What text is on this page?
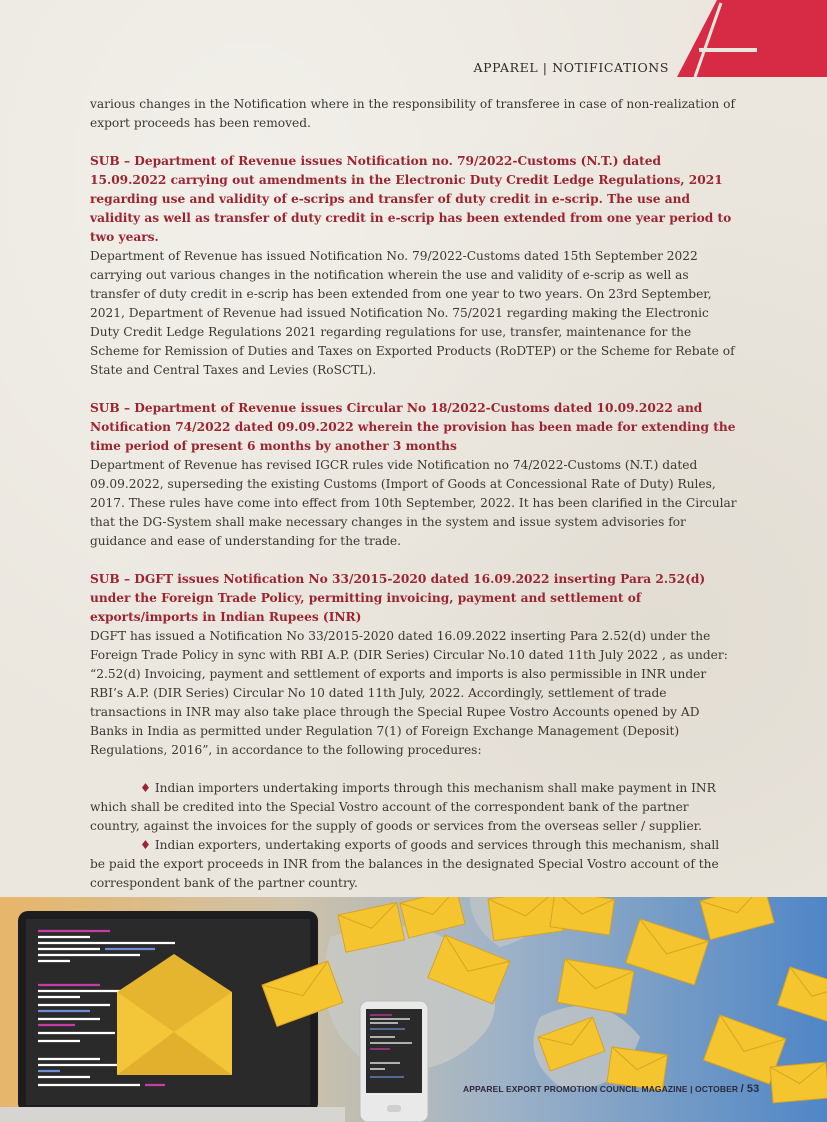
APPAREL | NOTIFICATIONS

various changes in the Notification where in the responsibility of transferee in case of non-realization of export proceeds has been removed.

SUB – Department of Revenue issues Notification no. 79/2022-Customs (N.T.) dated 15.09.2022 carrying out amendments in the Electronic Duty Credit Ledge Regulations, 2021 regarding use and validity of e-scrips and transfer of duty credit in e-scrip. The use and validity as well as transfer of duty credit in e-scrip has been extended from one year period to two years.

Department of Revenue has issued Notification No. 79/2022-Customs dated 15th September 2022 carrying out various changes in the notification wherein the use and validity of e-scrip as well as transfer of duty credit in e-scrip has been extended from one year to two years. On 23rd September, 2021, Department of Revenue had issued Notification No. 75/2021 regarding making the Electronic Duty Credit Ledge Regulations 2021 regarding regulations for use, transfer, maintenance for the Scheme for Remission of Duties and Taxes on Exported Products (RoDTEP) or the Scheme for Rebate of State and Central Taxes and Levies (RoSCTL).

SUB – Department of Revenue issues Circular No 18/2022-Customs dated 10.09.2022 and Notification 74/2022 dated 09.09.2022 wherein the provision has been made for extending the time period of present 6 months by another 3 months

Department of Revenue has revised IGCR rules vide Notification no 74/2022-Customs (N.T.) dated 09.09.2022, superseding the existing Customs (Import of Goods at Concessional Rate of Duty) Rules, 2017. These rules have come into effect from 10th September, 2022. It has been clarified in the Circular that the DG-System shall make necessary changes in the system and issue system advisories for guidance and ease of understanding for the trade.

SUB – DGFT issues Notification No 33/2015-2020 dated 16.09.2022 inserting Para 2.52(d) under the Foreign Trade Policy, permitting invoicing, payment and settlement of exports/imports in Indian Rupees (INR)

DGFT has issued a Notification No 33/2015-2020 dated 16.09.2022 inserting Para 2.52(d) under the Foreign Trade Policy in sync with RBI A.P. (DIR Series) Circular No.10 dated 11th July 2022 , as under: “2.52(d) Invoicing, payment and settlement of exports and imports is also permissible in INR under RBI’s A.P. (DIR Series) Circular No 10 dated 11th July, 2022. Accordingly, settlement of trade transactions in INR may also take place through the Special Rupee Vostro Accounts opened by AD Banks in India as permitted under Regulation 7(1) of Foreign Exchange Management (Deposit) Regulations, 2016”, in accordance to the following procedures:

♦ Indian importers undertaking imports through this mechanism shall make payment in INR which shall be credited into the Special Vostro account of the correspondent bank of the partner country, against the invoices for the supply of goods or services from the overseas seller / supplier.

♦ Indian exporters, undertaking exports of goods and services through this mechanism, shall be paid the export proceeds in INR from the balances in the designated Special Vostro account of the correspondent bank of the partner country.

APPAREL EXPORT PROMOTION COUNCIL MAGAZINE | OCTOBER / 53
